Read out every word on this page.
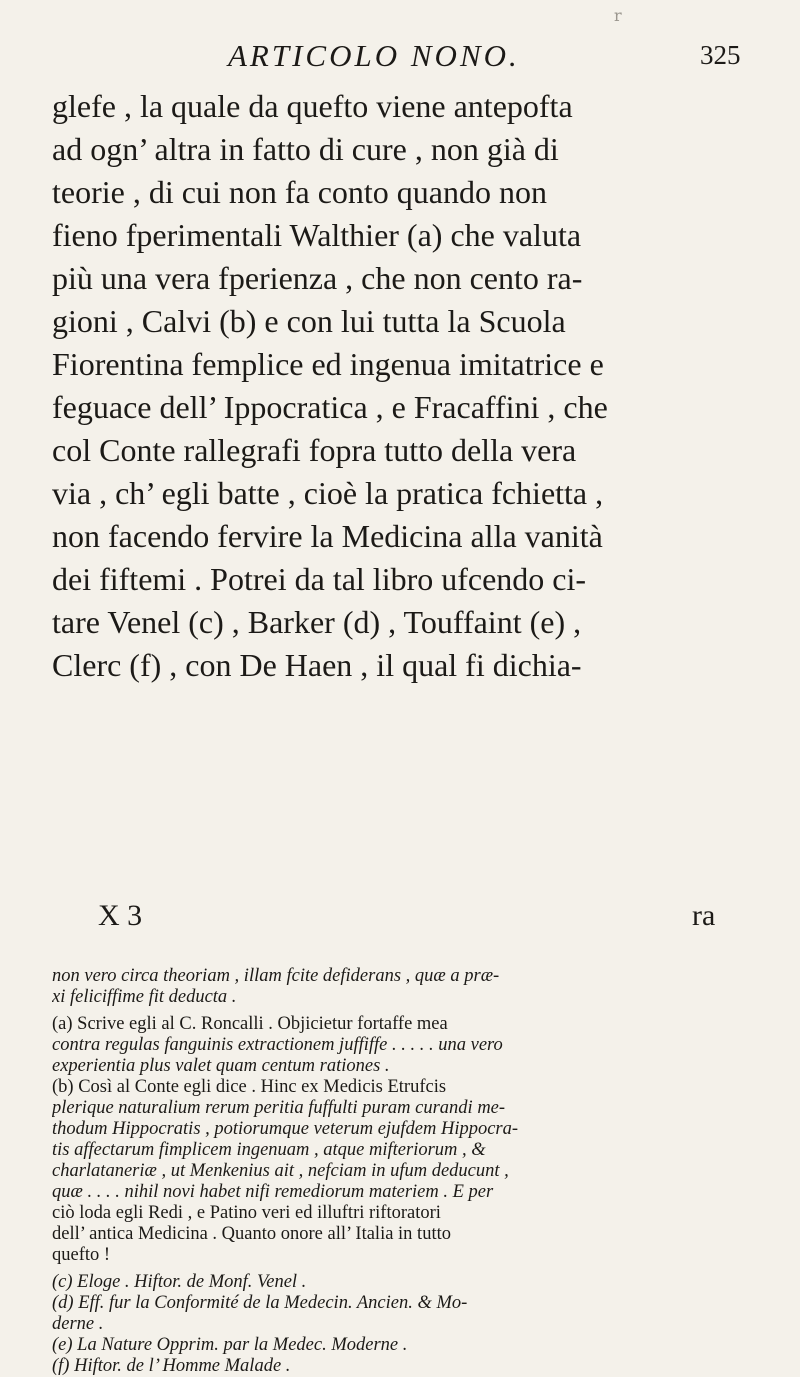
r
ARTICOLO NONO.	325
glefe , la quale da quefto viene antepofta
ad ogn’ altra in fatto di cure , non già di
teorie , di cui non fa conto quando non
fieno fperimentali Walthier (a) che valuta
più una vera fperienza , che non cento ra-
gioni , Calvi (b) e con lui tutta la Scuola
Fiorentina femplice ed ingenua imitatrice e
feguace dell’ Ippocratica , e Fracaffini , che
col Conte rallegrafi fopra tutto della vera
via , ch’ egli batte , cioè la pratica fchietta ,
non facendo fervire la Medicina alla vanità
dei fiftemi . Potrei da tal libro ufcendo ci-
tare Venel (c) , Barker (d) , Touffaint (e) ,
Clerc (f) , con De Haen , il qual fi dichia-
X 3	ra
non vero circa theoriam , illam fcite defiderans , quæ a præ-
xi feliciffime fit deducta .
(a) Scrive egli al C. Roncalli . Objicietur fortaffe mea
contra regulas fanguinis extractionem juffiffe . . . . . una vero
experientia plus valet quam centum rationes .
(b) Così al Conte egli dice . Hinc ex Medicis Etrufcis
plerique naturalium rerum peritia fuffulti puram curandi me-
thodum Hippocratis , potiorumque veterum ejufdem Hippocra-
tis affectarum fimplicem ingenuam , atque mifteriorum , &
charlataneriæ , ut Menkenius ait , nefciam in ufum deducunt ,
quæ . . . . nihil novi habet nifi remediorum materiem . E per
ciò loda egli Redi , e Patino veri ed illuftri riftoratori
dell’ antica Medicina . Quanto onore all’ Italia in tutto
quefto !
(c) Eloge . Hiftor. de Monf. Venel .
(d) Eff. fur la Conformité de la Medecin. Ancien. & Mo-
derne .
(e) La Nature Opprim. par la Medec. Moderne .
(f) Hiftor. de l’ Homme Malade .
